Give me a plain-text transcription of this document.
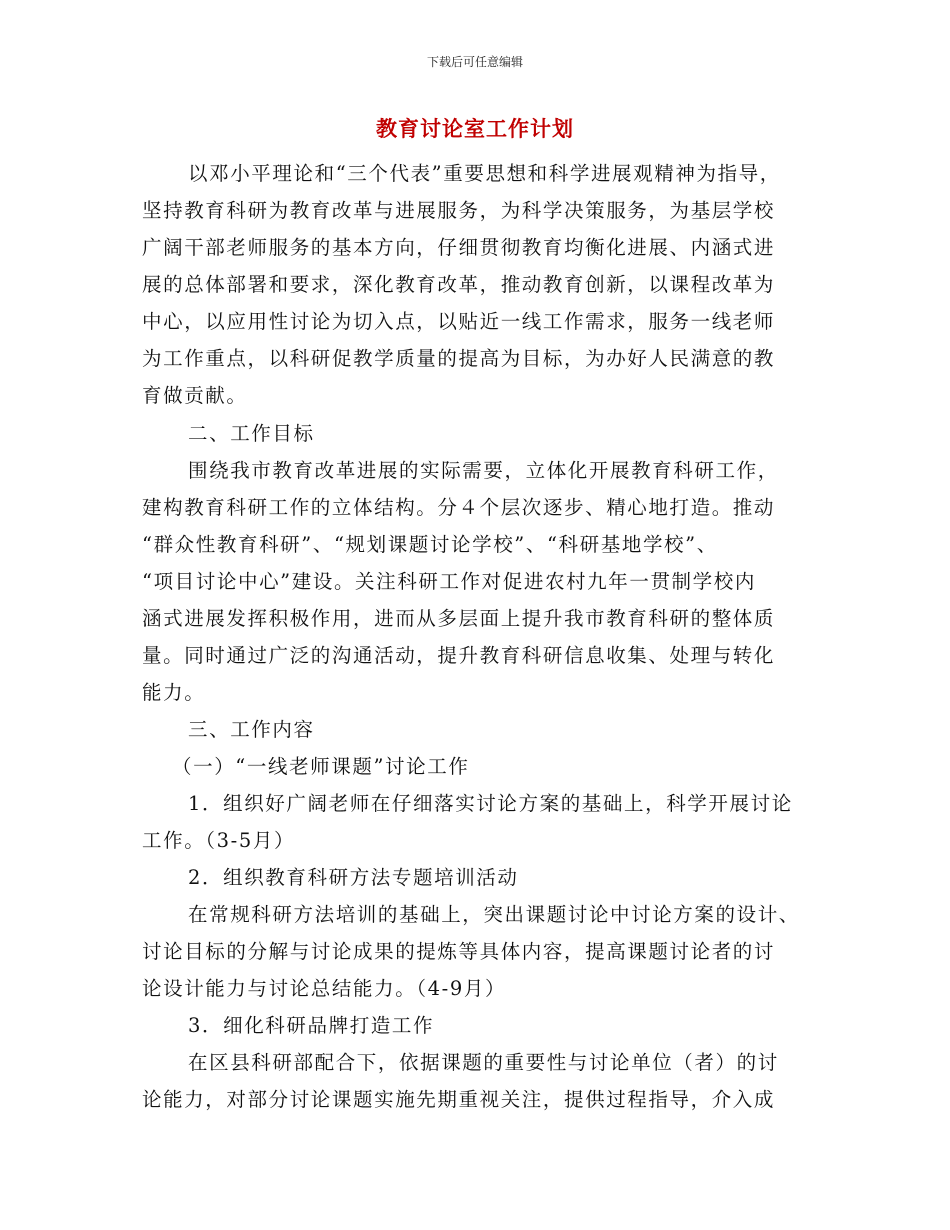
下载后可任意编辑
教育讨论室工作计划
以邓小平理论和“三个代表”重要思想和科学进展观精神为指导，
坚持教育科研为教育改革与进展服务，为科学决策服务，为基层学校
广阔干部老师服务的基本方向，仔细贯彻教育均衡化进展、内涵式进
展的总体部署和要求，深化教育改革，推动教育创新，以课程改革为
中心，以应用性讨论为切入点，以贴近一线工作需求，服务一线老师
为工作重点，以科研促教学质量的提高为目标，为办好人民满意的教
育做贡献。
二、工作目标
围绕我市教育改革进展的实际需要，立体化开展教育科研工作，
建构教育科研工作的立体结构。分４个层次逐步、精心地打造。推动
“群众性教育科研”、“规划课题讨论学校”、“科研基地学校”、
“项目讨论中心”建设。关注科研工作对促进农村九年一贯制学校内
涵式进展发挥积极作用，进而从多层面上提升我市教育科研的整体质
量。同时通过广泛的沟通活动，提升教育科研信息收集、处理与转化
能力。
三、工作内容
（一）“一线老师课题”讨论工作
1．组织好广阔老师在仔细落实讨论方案的基础上，科学开展讨论
工作。（3-5月）
2．组织教育科研方法专题培训活动
在常规科研方法培训的基础上，突出课题讨论中讨论方案的设计、
讨论目标的分解与讨论成果的提炼等具体内容，提高课题讨论者的讨
论设计能力与讨论总结能力。（4-9月）
3．细化科研品牌打造工作
在区县科研部配合下，依据课题的重要性与讨论单位（者）的讨
论能力，对部分讨论课题实施先期重视关注，提供过程指导，介入成
